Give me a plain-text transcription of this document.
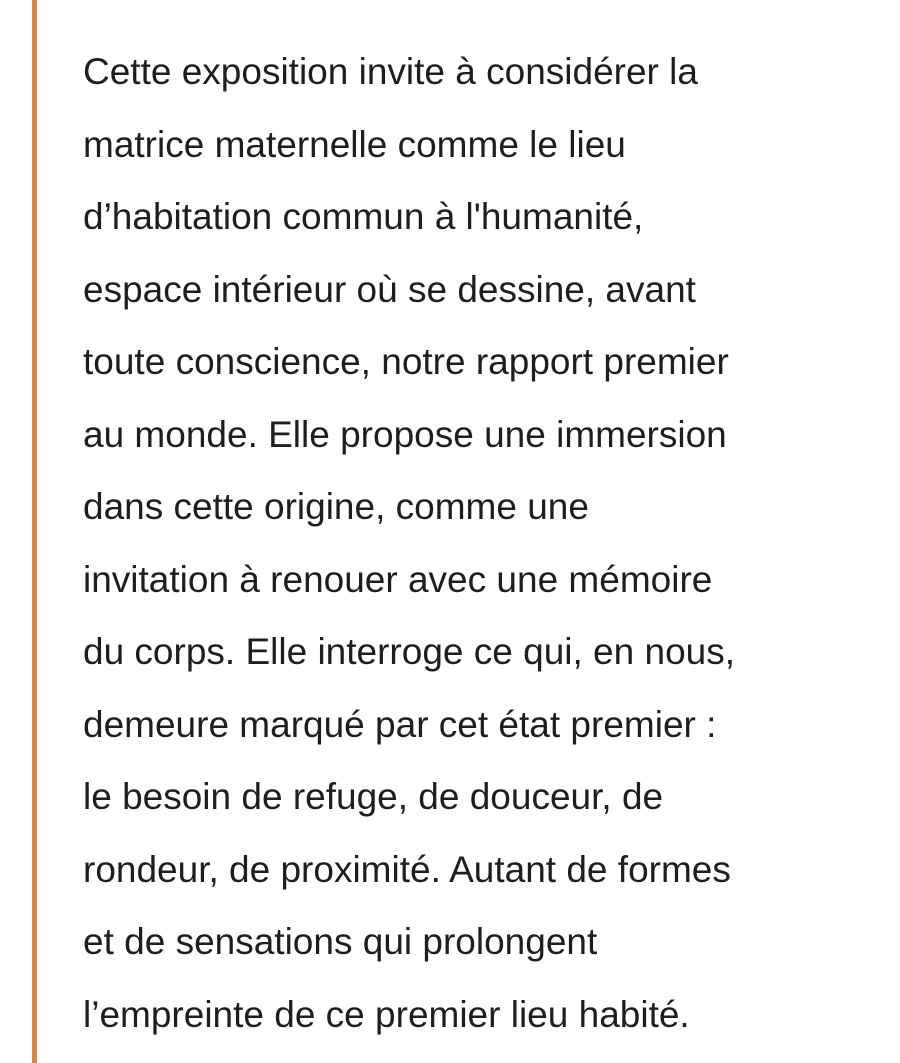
Cette exposition invite à considérer la
matrice maternelle comme le lieu
d’habitation commun à l'humanité,
espace intérieur où se dessine, avant
toute conscience, notre rapport premier
au monde. Elle propose une immersion
dans cette origine, comme une
invitation à renouer avec une mémoire
du corps. Elle interroge ce qui, en nous,
demeure marqué par cet état premier :
le besoin de refuge, de douceur, de
rondeur, de proximité. Autant de formes
et de sensations qui prolongent
l’empreinte de ce premier lieu habité.
